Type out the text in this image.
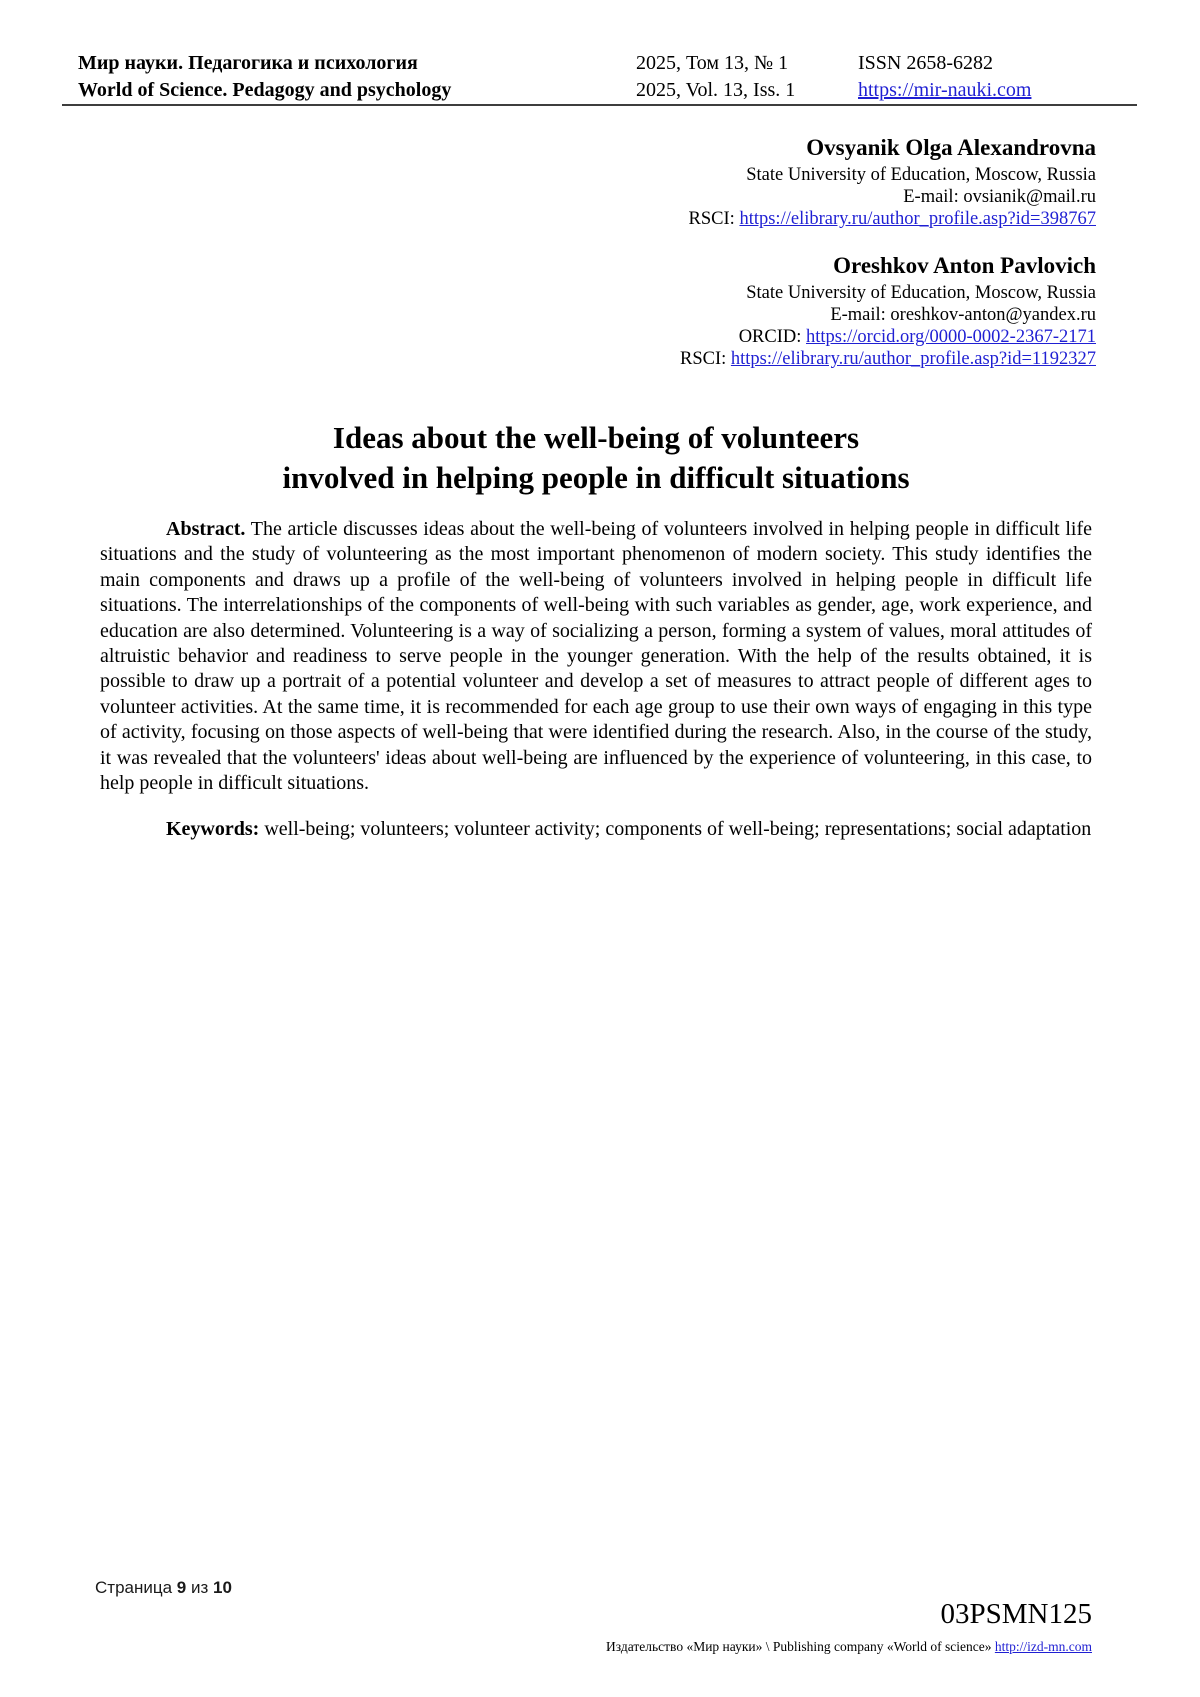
Мир науки. Педагогика и психология
World of Science. Pedagogy and psychology
2025, Том 13, № 1
2025, Vol. 13, Iss. 1
ISSN 2658-6282
https://mir-nauki.com
Ovsyanik Olga Alexandrovna
State University of Education, Moscow, Russia
E-mail: ovsianik@mail.ru
RSCI: https://elibrary.ru/author_profile.asp?id=398767
Oreshkov Anton Pavlovich
State University of Education, Moscow, Russia
E-mail: oreshkov-anton@yandex.ru
ORCID: https://orcid.org/0000-0002-2367-2171
RSCI: https://elibrary.ru/author_profile.asp?id=1192327
Ideas about the well-being of volunteers
involved in helping people in difficult situations

Abstract. The article discusses ideas about the well-being of volunteers involved in helping people in difficult life situations and the study of volunteering as the most important phenomenon of modern society. This study identifies the main components and draws up a profile of the well-being of volunteers involved in helping people in difficult life situations. The interrelationships of the components of well-being with such variables as gender, age, work experience, and education are also determined. Volunteering is a way of socializing a person, forming a system of values, moral attitudes of altruistic behavior and readiness to serve people in the younger generation. With the help of the results obtained, it is possible to draw up a portrait of a potential volunteer and develop a set of measures to attract people of different ages to volunteer activities. At the same time, it is recommended for each age group to use their own ways of engaging in this type of activity, focusing on those aspects of well-being that were identified during the research. Also, in the course of the study, it was revealed that the volunteers' ideas about well-being are influenced by the experience of volunteering, in this case, to help people in difficult situations.

Keywords: well-being; volunteers; volunteer activity; components of well-being; representations; social adaptation

Страница 9 из 10
03PSMN125
Издательство «Мир науки» \ Publishing company «World of science» http://izd-mn.com
